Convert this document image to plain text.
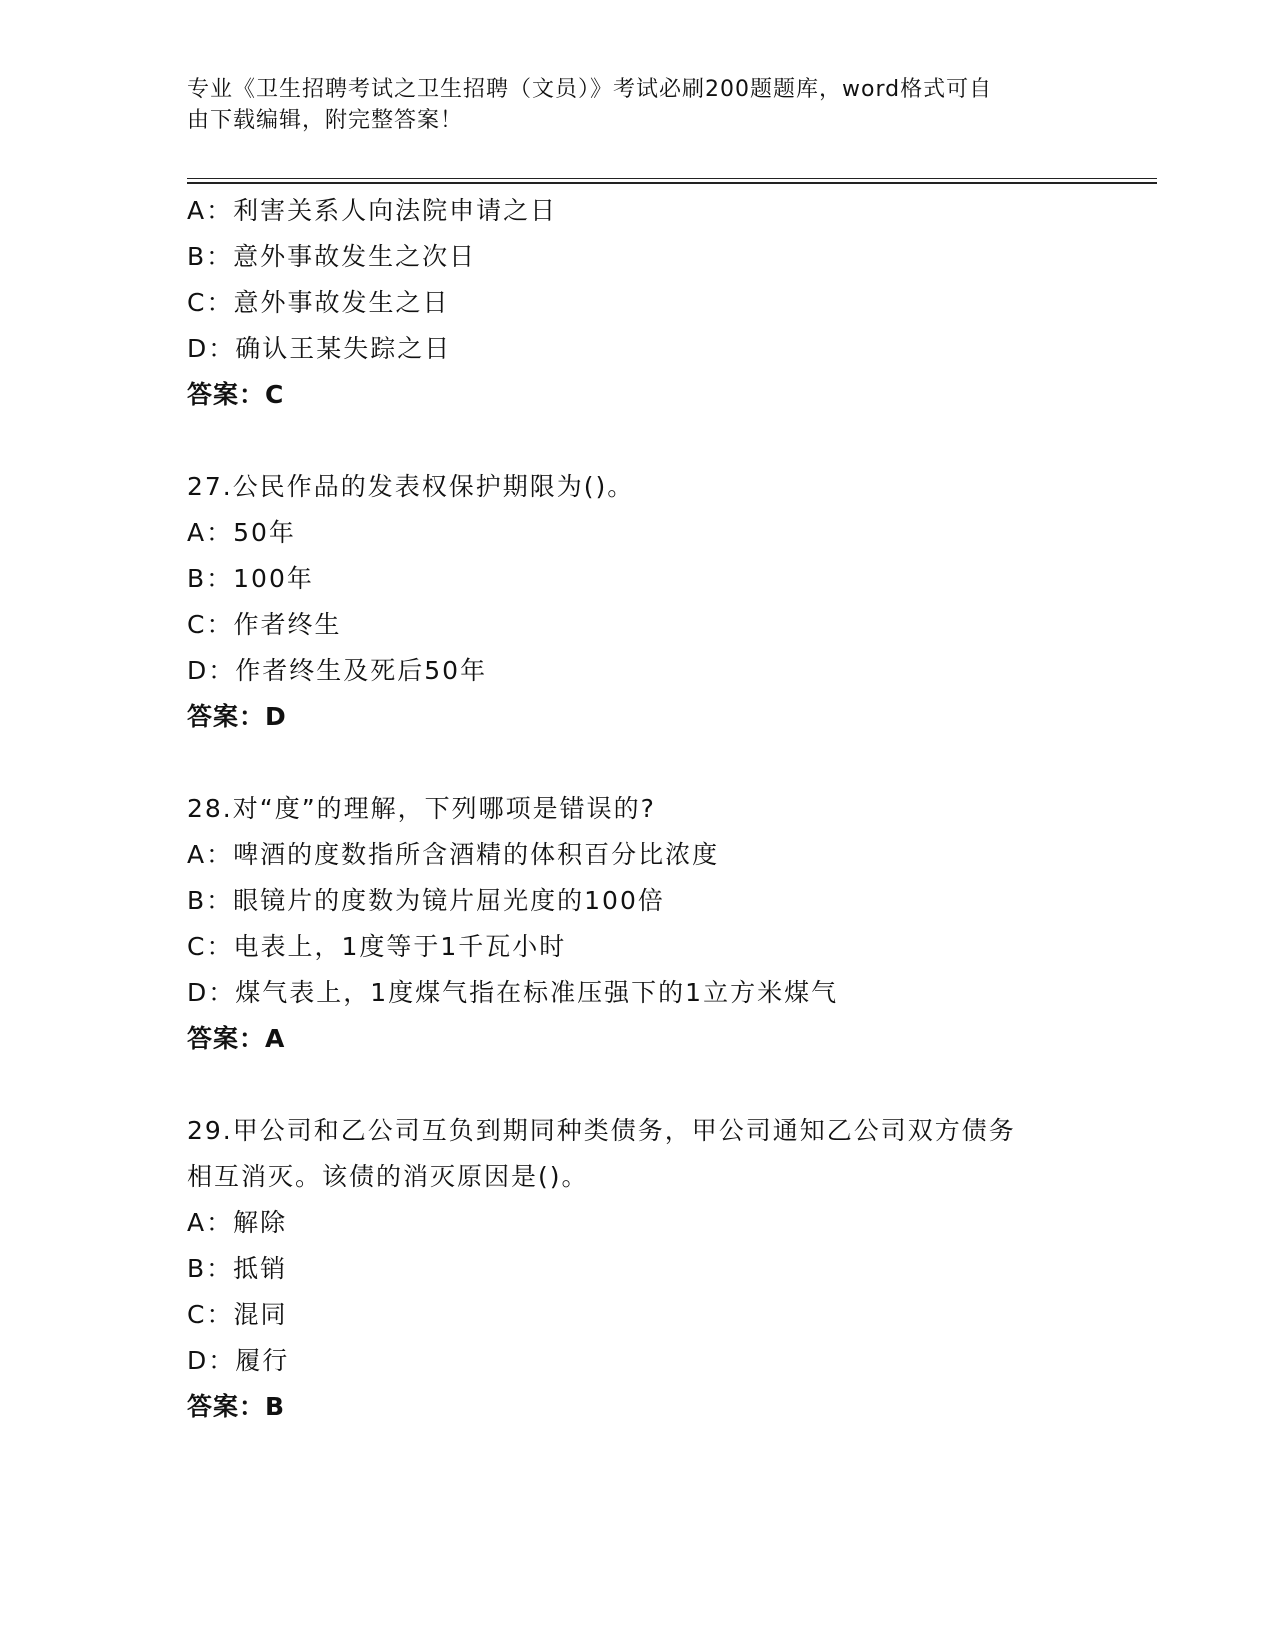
专业《卫生招聘考试之卫生招聘（文员）》考试必刷200题题库，word格式可自
由下载编辑，附完整答案！
A：利害关系人向法院申请之日
B：意外事故发生之次日
C：意外事故发生之日
D：确认王某失踪之日
答案：C
27.公民作品的发表权保护期限为()。
A：50年
B：100年
C：作者终生
D：作者终生及死后50年
答案：D
28.对“度”的理解，下列哪项是错误的?
A：啤酒的度数指所含酒精的体积百分比浓度
B：眼镜片的度数为镜片屈光度的100倍
C：电表上，1度等于1千瓦小时
D：煤气表上，1度煤气指在标准压强下的1立方米煤气
答案：A
29.甲公司和乙公司互负到期同种类债务，甲公司通知乙公司双方债务
相互消灭。该债的消灭原因是()。
A：解除
B：抵销
C：混同
D：履行
答案：B
